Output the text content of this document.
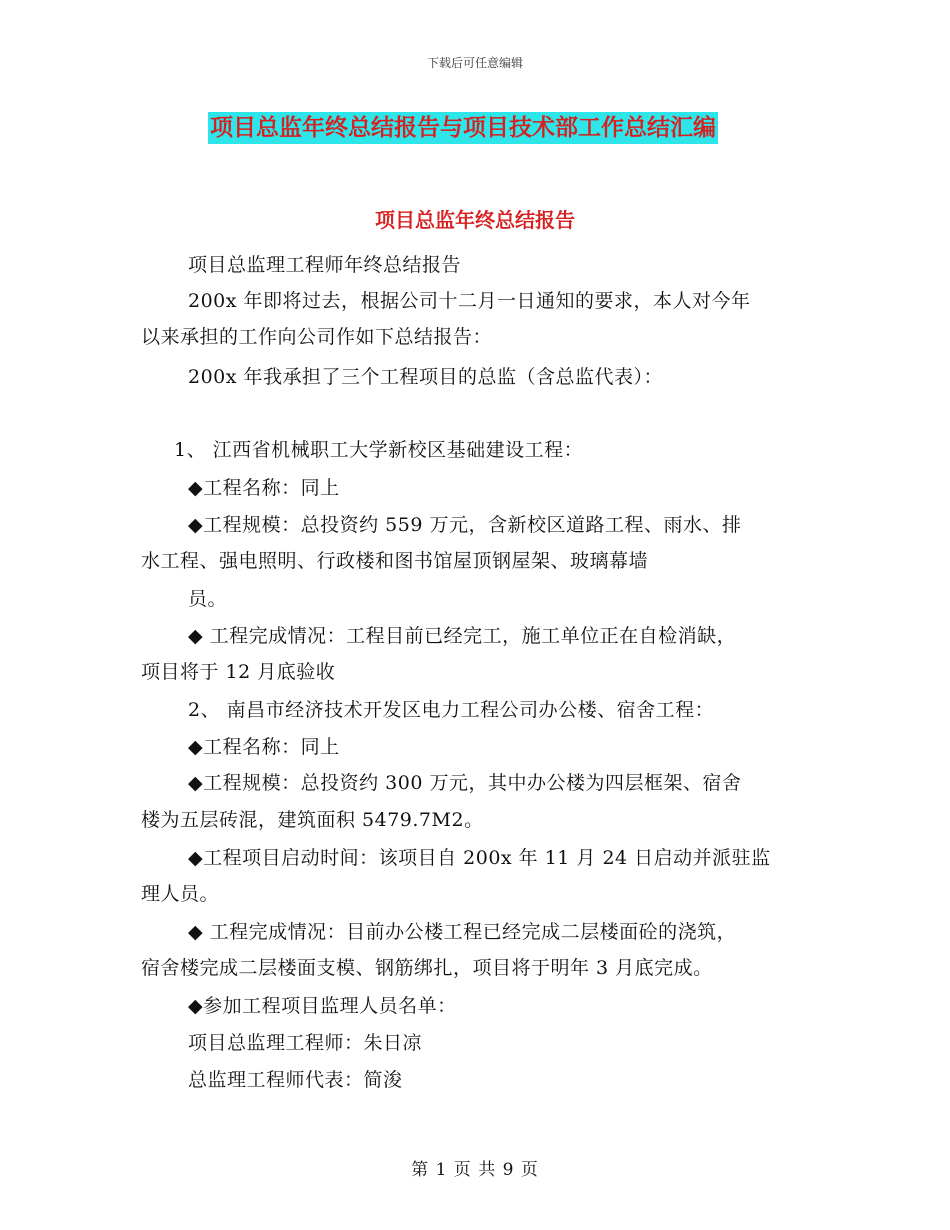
下载后可任意编辑
项目总监年终总结报告与项目技术部工作总结汇编
项目总监年终总结报告
项目总监理工程师年终总结报告
200x 年即将过去，根据公司十二月一日通知的要求，本人对今年
以来承担的工作向公司作如下总结报告：
200x 年我承担了三个工程项目的总监（含总监代表）：
1、 江西省机械职工大学新校区基础建设工程：
◆工程名称：同上
◆工程规模：总投资约 559 万元，含新校区道路工程、雨水、排
水工程、强电照明、行政楼和图书馆屋顶钢屋架、玻璃幕墙
员。
◆ 工程完成情况：工程目前已经完工，施工单位正在自检消缺，
项目将于 12 月底验收
2、 南昌市经济技术开发区电力工程公司办公楼、宿舍工程：
◆工程名称：同上
◆工程规模：总投资约 300 万元，其中办公楼为四层框架、宿舍
楼为五层砖混，建筑面积 5479.7M2。
◆工程项目启动时间：该项目自 200x 年 11 月 24 日启动并派驻监
理人员。
◆ 工程完成情况：目前办公楼工程已经完成二层楼面砼的浇筑，
宿舍楼完成二层楼面支模、钢筋绑扎，项目将于明年 3 月底完成。
◆参加工程项目监理人员名单：
项目总监理工程师：朱日凉
总监理工程师代表：简浚
第 1 页 共 9 页
